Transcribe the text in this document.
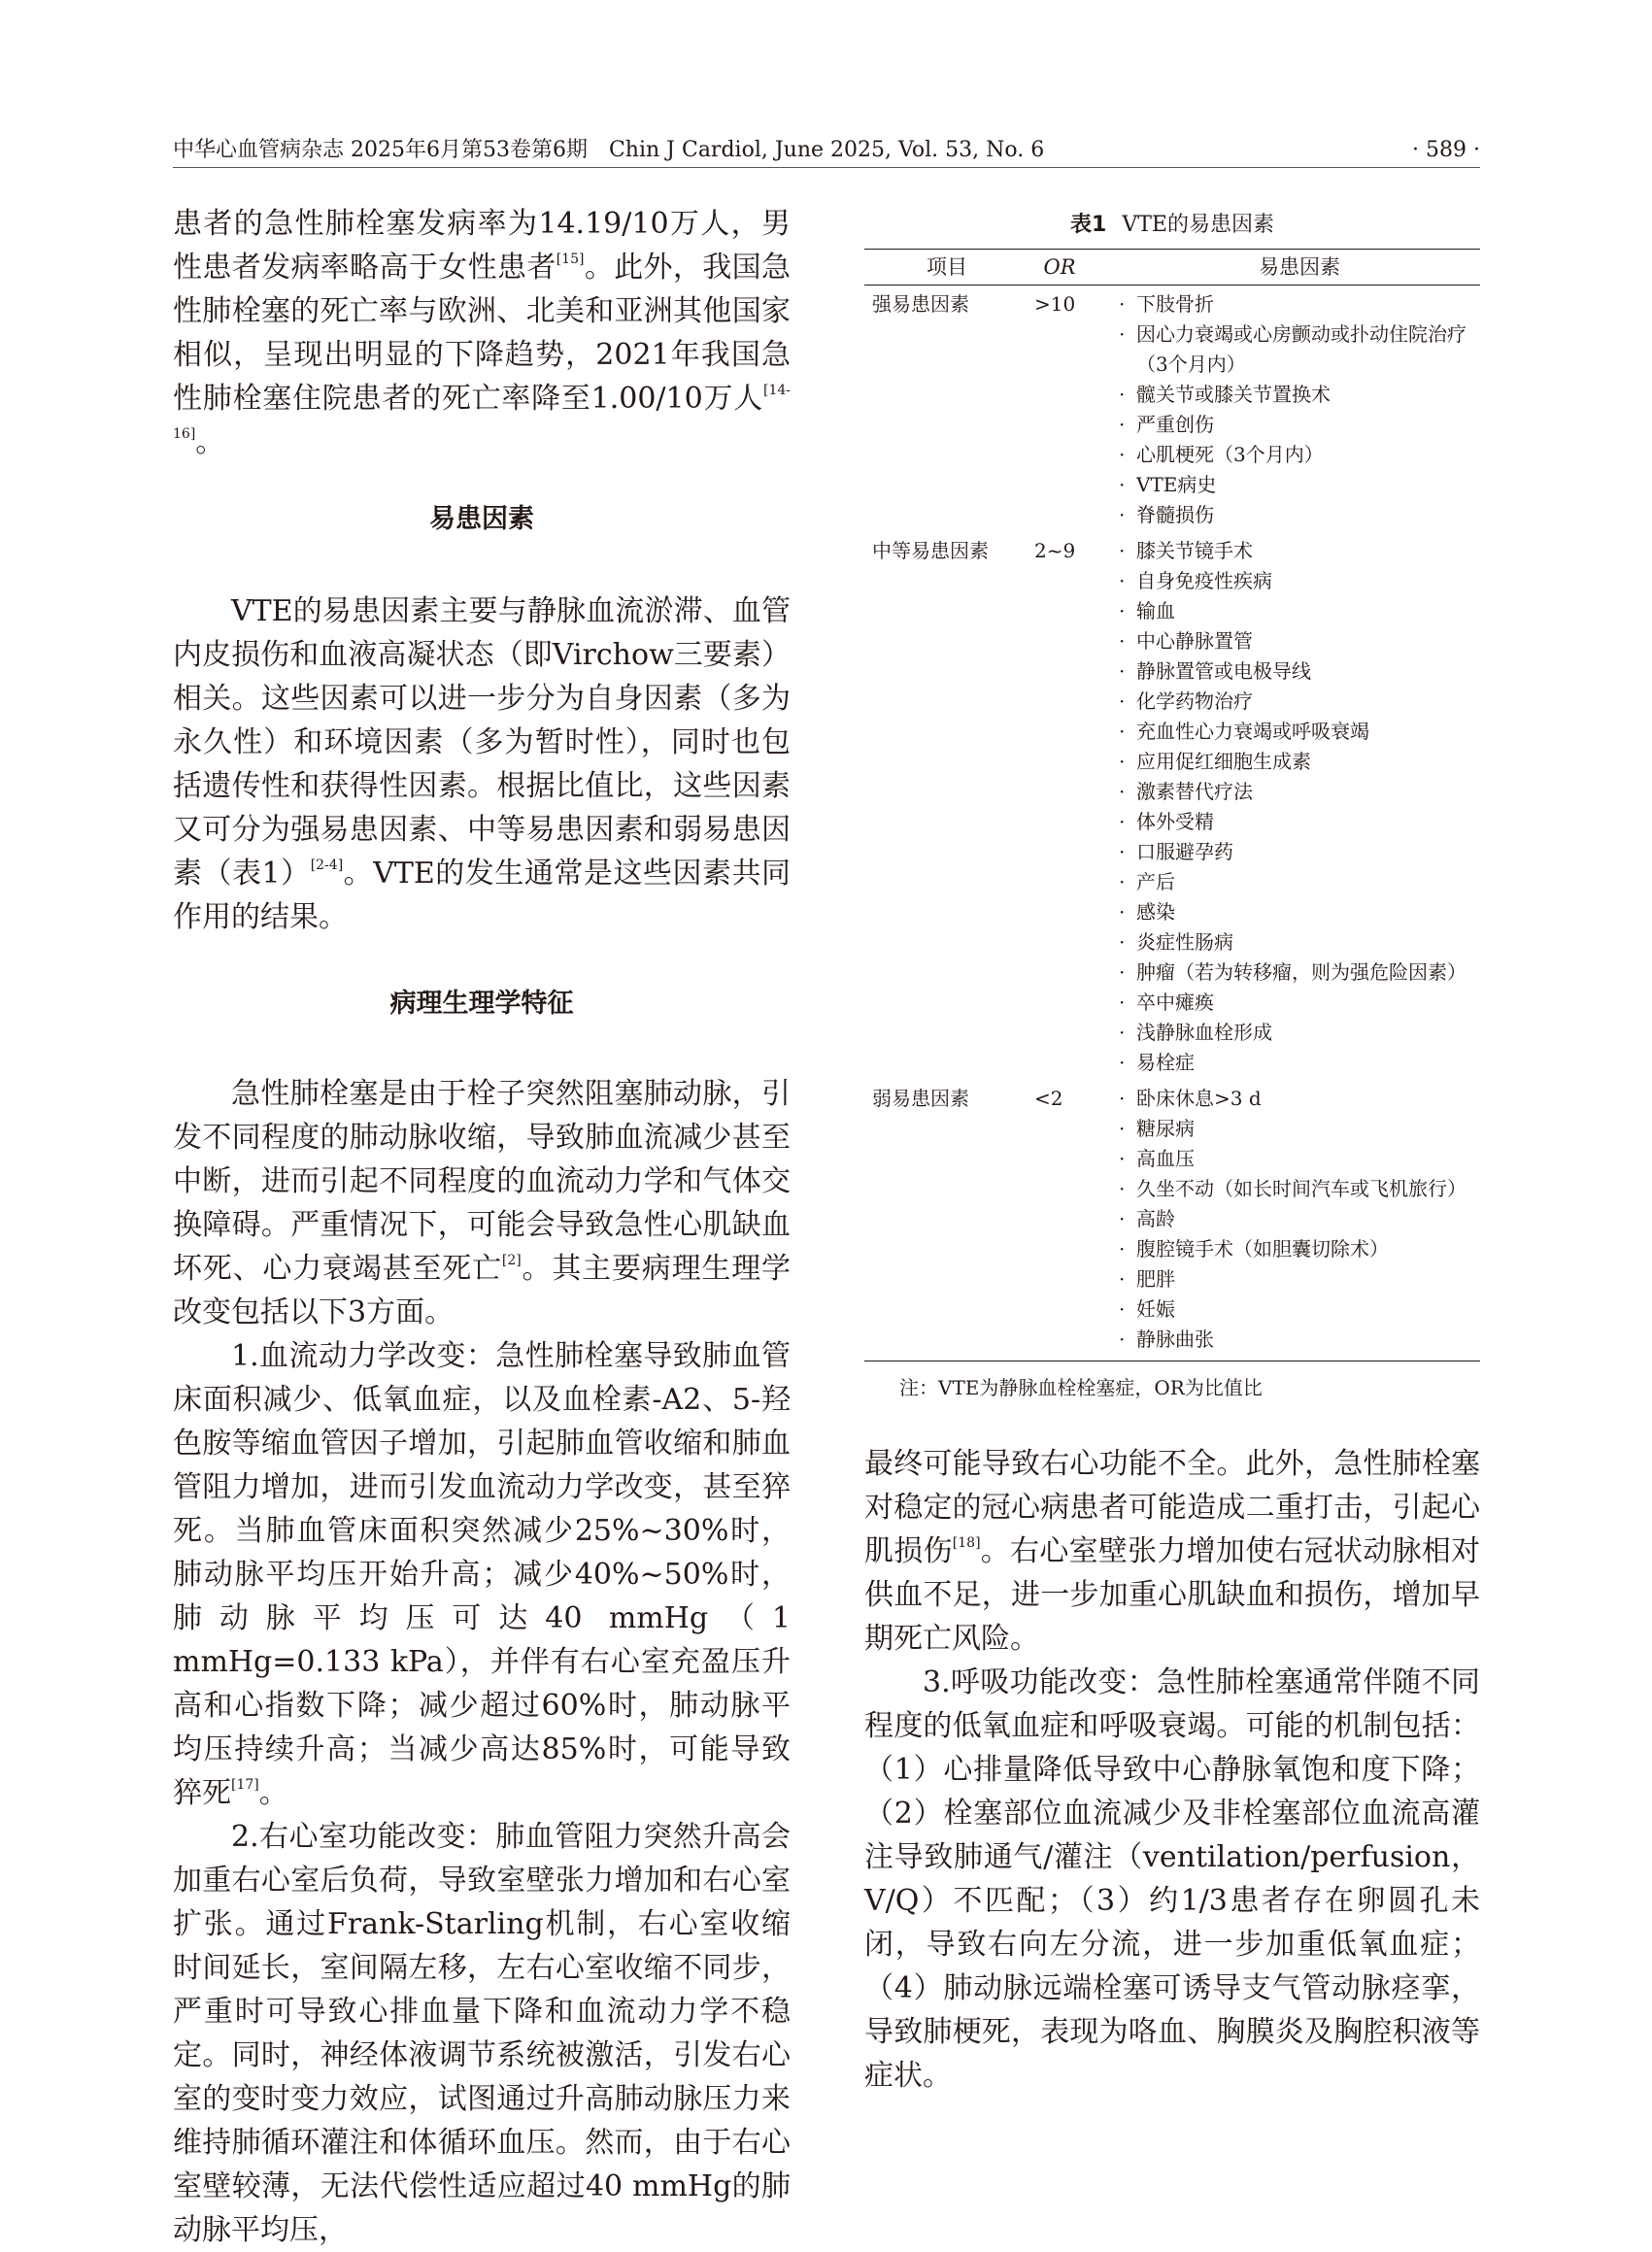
中华心血管病杂志 2025年6月第53卷第6期　Chin J Cardiol, June 2025, Vol. 53, No. 6	· 589 ·

患者的急性肺栓塞发病率为14.19/10万人，男性患者发病率略高于女性患者[15]。此外，我国急性肺栓塞的死亡率与欧洲、北美和亚洲其他国家相似，呈现出明显的下降趋势，2021年我国急性肺栓塞住院患者的死亡率降至1.00/10万人[14-16]。

易患因素

VTE的易患因素主要与静脉血流淤滞、血管内皮损伤和血液高凝状态（即Virchow三要素）相关。这些因素可以进一步分为自身因素（多为永久性）和环境因素（多为暂时性），同时也包括遗传性和获得性因素。根据比值比，这些因素又可分为强易患因素、中等易患因素和弱易患因素（表1）[2-4]。VTE的发生通常是这些因素共同作用的结果。

病理生理学特征

急性肺栓塞是由于栓子突然阻塞肺动脉，引发不同程度的肺动脉收缩，导致肺血流减少甚至中断，进而引起不同程度的血流动力学和气体交换障碍。严重情况下，可能会导致急性心肌缺血坏死、心力衰竭甚至死亡[2]。其主要病理生理学改变包括以下3方面。

1.血流动力学改变：急性肺栓塞导致肺血管床面积减少、低氧血症，以及血栓素-A2、5-羟色胺等缩血管因子增加，引起肺血管收缩和肺血管阻力增加，进而引发血流动力学改变，甚至猝死。当肺血管床面积突然减少25%~30%时，肺动脉平均压开始升高；减少40%~50%时，肺动脉平均压可达40 mmHg（1 mmHg=0.133 kPa），并伴有右心室充盈压升高和心指数下降；减少超过60%时，肺动脉平均压持续升高；当减少高达85%时，可能导致猝死[17]。

2.右心室功能改变：肺血管阻力突然升高会加重右心室后负荷，导致室壁张力增加和右心室扩张。通过Frank-Starling机制，右心室收缩时间延长，室间隔左移，左右心室收缩不同步，严重时可导致心排血量下降和血流动力学不稳定。同时，神经体液调节系统被激活，引发右心室的变时变力效应，试图通过升高肺动脉压力来维持肺循环灌注和体循环血压。然而，由于右心室壁较薄，无法代偿性适应超过40 mmHg的肺动脉平均压，

表1 VTE的易患因素
项目	OR	易患因素
强易患因素	>10	· 下肢骨折
· 因心力衰竭或心房颤动或扑动住院治疗（3个月内）
· 髋关节或膝关节置换术
· 严重创伤
· 心肌梗死（3个月内）
· VTE病史
· 脊髓损伤
中等易患因素 2~9	· 膝关节镜手术
· 自身免疫性疾病
· 输血
· 中心静脉置管
· 静脉置管或电极导线
· 化学药物治疗
· 充血性心力衰竭或呼吸衰竭
· 应用促红细胞生成素
· 激素替代疗法
· 体外受精
· 口服避孕药
· 产后
· 感染
· 炎症性肠病
· 肿瘤（若为转移瘤，则为强危险因素）
· 卒中瘫痪
· 浅静脉血栓形成
· 易栓症
弱易患因素	<2	· 卧床休息>3 d
· 糖尿病
· 高血压
· 久坐不动（如长时间汽车或飞机旅行）
· 高龄
· 腹腔镜手术（如胆囊切除术）
· 肥胖
· 妊娠
· 静脉曲张
注：VTE为静脉血栓栓塞症，OR为比值比

最终可能导致右心功能不全。此外，急性肺栓塞对稳定的冠心病患者可能造成二重打击，引起心肌损伤[18]。右心室壁张力增加使右冠状动脉相对供血不足，进一步加重心肌缺血和损伤，增加早期死亡风险。

3.呼吸功能改变：急性肺栓塞通常伴随不同程度的低氧血症和呼吸衰竭。可能的机制包括：（1）心排量降低导致中心静脉氧饱和度下降；（2）栓塞部位血流减少及非栓塞部位血流高灌注导致肺通气/灌注（ventilation/perfusion，V/Q）不匹配；（3）约1/3患者存在卵圆孔未闭，导致右向左分流，进一步加重低氧血症；（4）肺动脉远端栓塞可诱导支气管动脉痉挛，导致肺梗死，表现为咯血、胸膜炎及胸腔积液等症状。
